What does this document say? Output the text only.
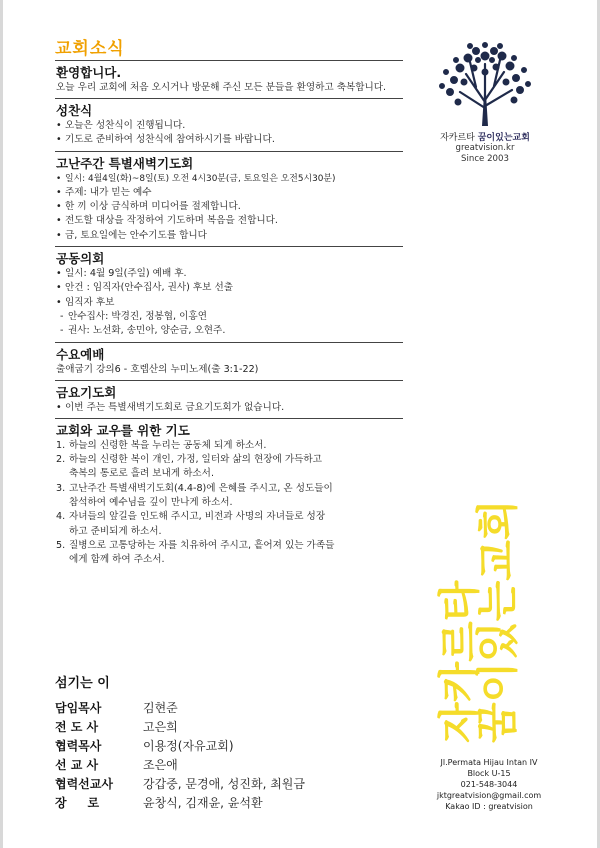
교회소식
환영합니다.
오늘 우리 교회에 처음 오시거나 방문해 주신 모든 분들을 환영하고 축복합니다.
성찬식
• 오늘은 성찬식이 진행됩니다.
• 기도로 준비하여 성찬식에 참여하시기를 바랍니다.
고난주간 특별새벽기도회
• 일시: 4월4일(화)~8일(토) 오전 4시30분(금, 토요일은 오전5시30분)
• 주제: 내가 믿는 예수
• 한 끼 이상 금식하며 미디어를 절제합니다.
• 전도할 대상을 작정하여 기도하며 복음을 전합니다.
• 금, 토요일에는 안수기도를 합니다
공동의회
• 일시: 4월 9일(주일) 예배 후.
• 안건 : 임직자(안수집사, 권사) 후보 선출
• 임직자 후보
- 안수집사: 박경진, 정봉협, 이홍연
- 권사: 노선화, 송민아, 양순금, 오현주.
수요예배
출애굽기 강의6 - 호렙산의 누미노제(출 3:1-22)
금요기도회
• 이번 주는 특별새벽기도회로 금요기도회가 없습니다.
교회와 교우를 위한 기도
1. 하늘의 신령한 복을 누리는 공동체 되게 하소서.
2. 하늘의 신령한 복이 개인, 가정, 일터와 삶의 현장에 가득하고
축복의 통로로 흘려 보내게 하소서.
3. 고난주간 특별새벽기도회(4.4-8)에 은혜를 주시고, 온 성도들이
참석하여 예수님을 깊이 만나게 하소서.
4. 자녀들의 앞길을 인도해 주시고, 비전과 사명의 자녀들로 성장
하고 준비되게 하소서.
5. 질병으로 고통당하는 자를 치유하여 주시고, 흩어져 있는 가족들
에게 함께 하여 주소서.
섬기는 이
담임목사	김현준
전 도 사	고은희
협력목사	이용정(자유교회)
선 교 사	조은애
협력선교사	강갑중, 문경애, 성진화, 최원금
장     로	윤창식, 김재윤, 윤석환
자카르타 꿈이있는교회
greatvision.kr
Since 2003
자카르타
꿈이있는교회
Jl.Permata Hijau Intan IV
Block U-15
021-548-3044
jktgreatvision@gmail.com
Kakao ID : greatvision
